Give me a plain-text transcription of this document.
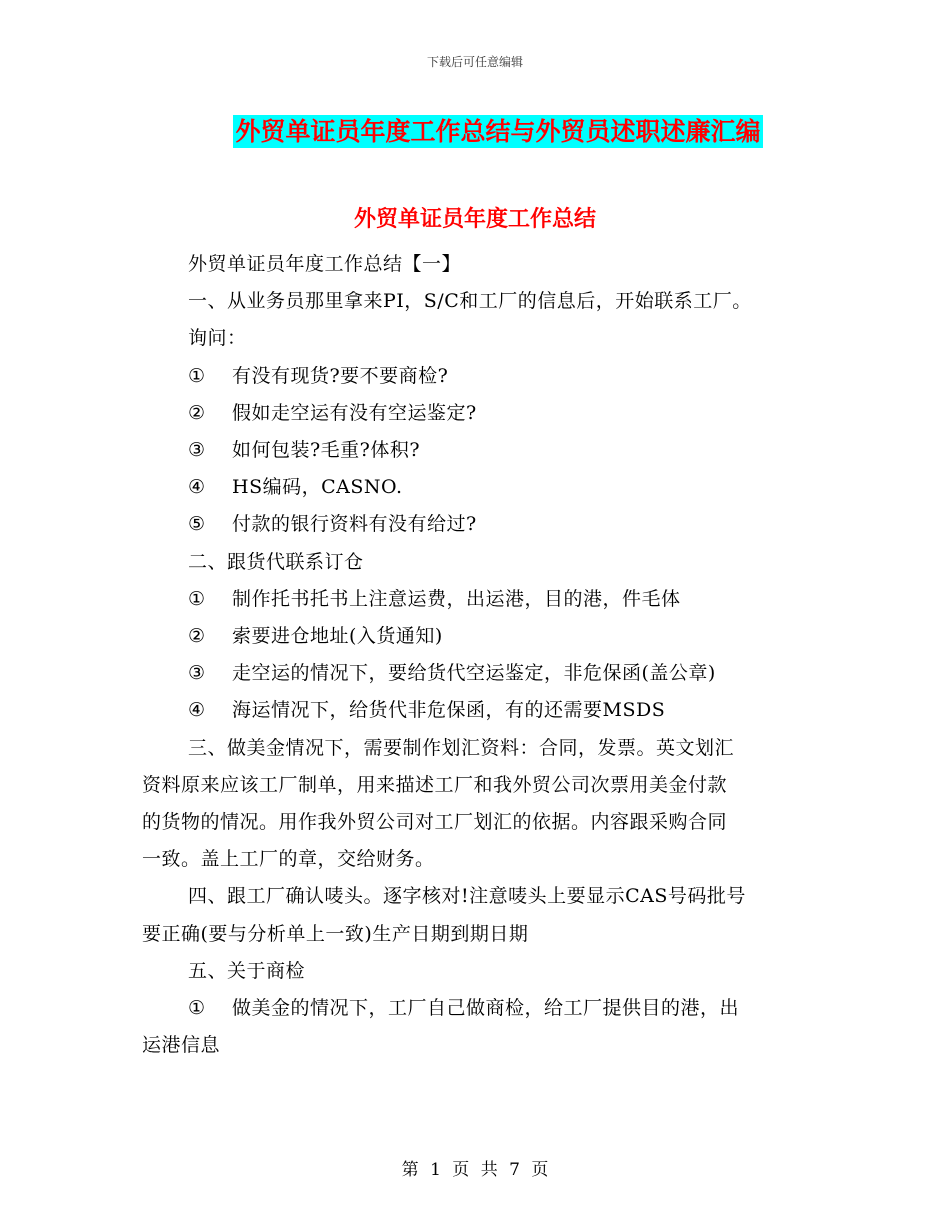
下载后可任意编辑
外贸单证员年度工作总结与外贸员述职述廉汇编
外贸单证员年度工作总结
外贸单证员年度工作总结【一】
一、从业务员那里拿来PI，S/C和工厂的信息后，开始联系工厂。
询问：
① 有没有现货?要不要商检?
② 假如走空运有没有空运鉴定?
③ 如何包装?毛重?体积?
④ HS编码，CASNO.
⑤ 付款的银行资料有没有给过?
二、跟货代联系订仓
① 制作托书托书上注意运费，出运港，目的港，件毛体
② 索要进仓地址(入货通知)
③ 走空运的情况下，要给货代空运鉴定，非危保函(盖公章)
④ 海运情况下，给货代非危保函，有的还需要MSDS
三、做美金情况下，需要制作划汇资料：合同，发票。英文划汇
资料原来应该工厂制单，用来描述工厂和我外贸公司次票用美金付款
的货物的情况。用作我外贸公司对工厂划汇的依据。内容跟采购合同
一致。盖上工厂的章，交给财务。
四、跟工厂确认唛头。逐字核对!注意唛头上要显示CAS号码批号
要正确(要与分析单上一致)生产日期到期日期
五、关于商检
① 做美金的情况下，工厂自己做商检，给工厂提供目的港，出
运港信息
第 1 页 共 7 页
